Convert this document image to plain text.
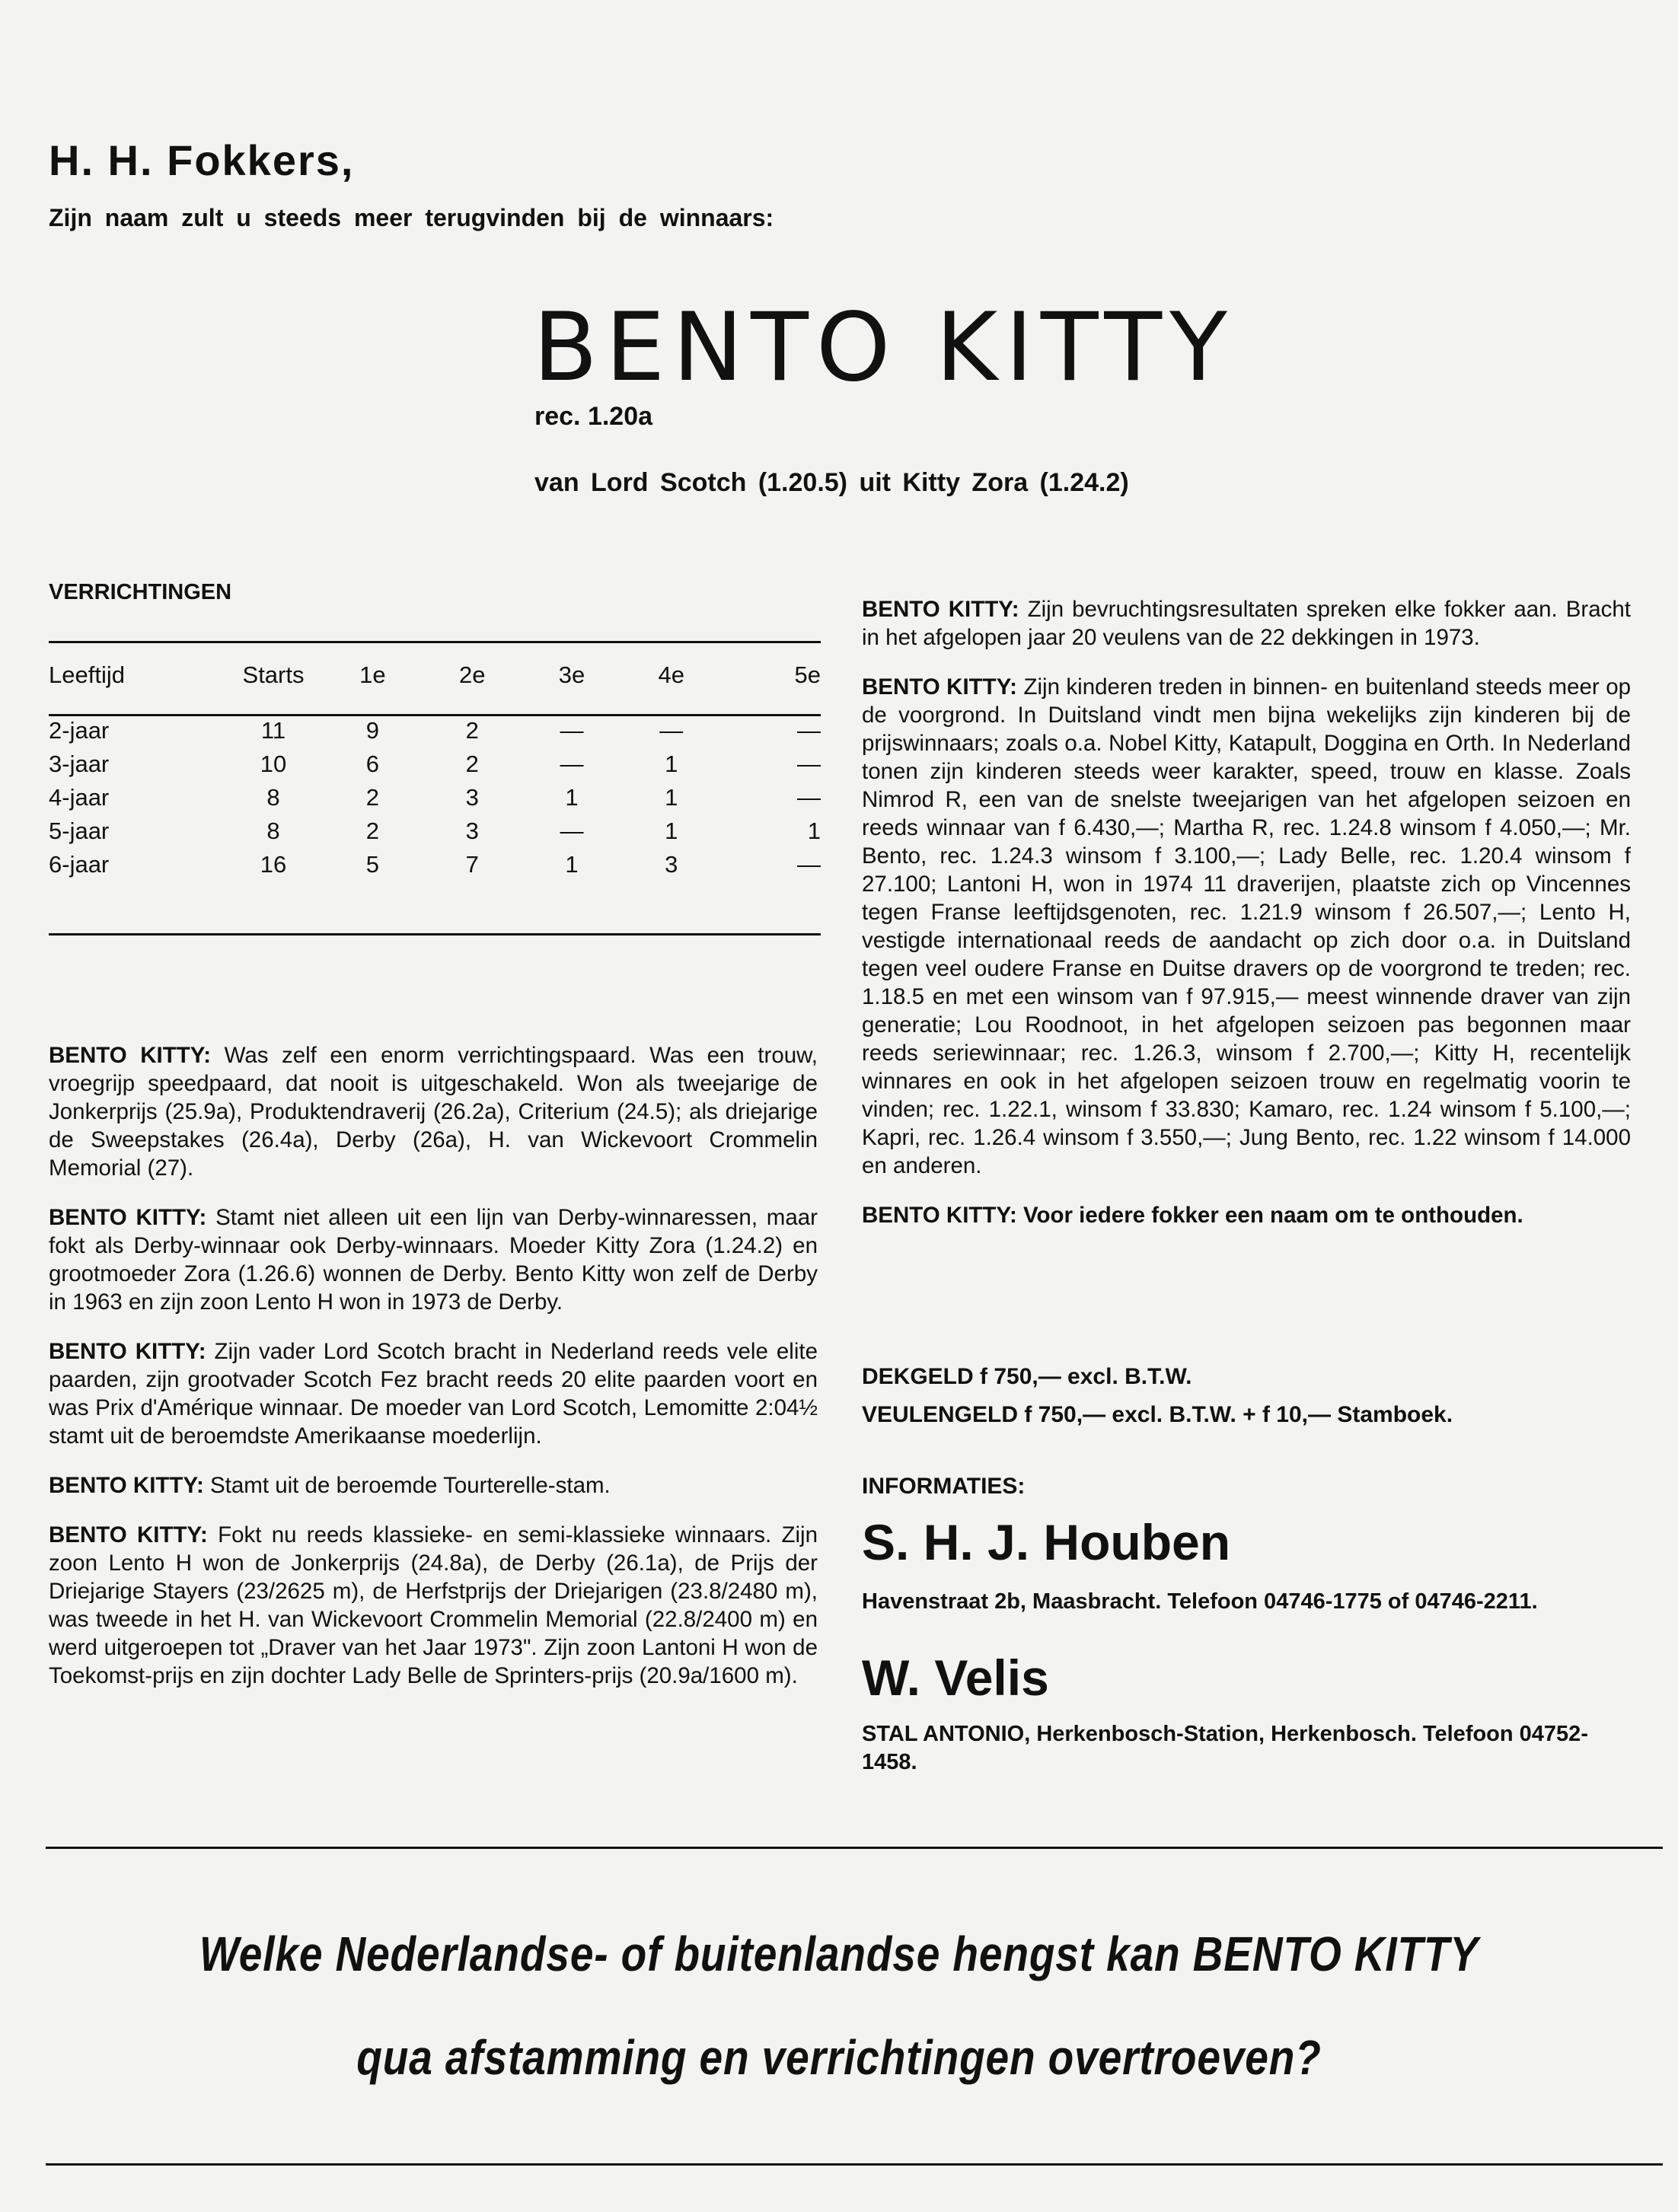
H. H. Fokkers,
Zijn naam zult u steeds meer terugvinden bij de winnaars:
BENTO KITTY
rec. 1.20a
van Lord Scotch (1.20.5) uit Kitty Zora (1.24.2)
VERRICHTINGEN
Leeftijd	Starts	1e	2e	3e	4e	5e
2-jaar	11	9	2	—	—	—
3-jaar	10	6	2	—	1	—
4-jaar	8	2	3	1	1	—
5-jaar	8	2	3	—	1	1
6-jaar	16	5	7	1	3	—

BENTO KITTY: Was zelf een enorm verrichtingspaard. Was een trouw, vroegrijp speedpaard, dat nooit is uitgeschakeld. Won als tweejarige de Jonkerprijs (25.9a), Produktendraverij (26.2a), Criterium (24.5); als driejarige de Sweepstakes (26.4a), Derby (26a), H. van Wickevoort Crommelin Memorial (27).

BENTO KITTY: Stamt niet alleen uit een lijn van Derby-winnaressen, maar fokt als Derby-winnaar ook Derby-winnaars. Moeder Kitty Zora (1.24.2) en grootmoeder Zora (1.26.6) wonnen de Derby. Bento Kitty won zelf de Derby in 1963 en zijn zoon Lento H won in 1973 de Derby.

BENTO KITTY: Zijn vader Lord Scotch bracht in Nederland reeds vele elite paarden, zijn grootvader Scotch Fez bracht reeds 20 elite paarden voort en was Prix d'Amérique winnaar. De moeder van Lord Scotch, Lemomitte 2:04½ stamt uit de beroemdste Amerikaanse moederlijn.

BENTO KITTY: Stamt uit de beroemde Tourterelle-stam.

BENTO KITTY: Fokt nu reeds klassieke- en semi-klassieke winnaars. Zijn zoon Lento H won de Jonkerprijs (24.8a), de Derby (26.1a), de Prijs der Driejarige Stayers (23/2625 m), de Herfstprijs der Driejarigen (23.8/2480 m), was tweede in het H. van Wickevoort Crommelin Memorial (22.8/2400 m) en werd uitgeroepen tot „Draver van het Jaar 1973". Zijn zoon Lantoni H won de Toekomst-prijs en zijn dochter Lady Belle de Sprinters-prijs (20.9a/1600 m).

BENTO KITTY: Zijn bevruchtingsresultaten spreken elke fokker aan. Bracht in het afgelopen jaar 20 veulens van de 22 dekkingen in 1973.

BENTO KITTY: Zijn kinderen treden in binnen- en buitenland steeds meer op de voorgrond. In Duitsland vindt men bijna wekelijks zijn kinderen bij de prijswinnaars; zoals o.a. Nobel Kitty, Katapult, Doggina en Orth. In Nederland tonen zijn kinderen steeds weer karakter, speed, trouw en klasse. Zoals Nimrod R, een van de snelste tweejarigen van het afgelopen seizoen en reeds winnaar van f 6.430,—; Martha R, rec. 1.24.8 winsom f 4.050,—; Mr. Bento, rec. 1.24.3 winsom f 3.100,—; Lady Belle, rec. 1.20.4 winsom f 27.100; Lantoni H, won in 1974 11 draverijen, plaatste zich op Vincennes tegen Franse leeftijdsgenoten, rec. 1.21.9 winsom f 26.507,—; Lento H, vestigde internationaal reeds de aandacht op zich door o.a. in Duitsland tegen veel oudere Franse en Duitse dravers op de voorgrond te treden; rec. 1.18.5 en met een winsom van f 97.915,— meest winnende draver van zijn generatie; Lou Roodnoot, in het afgelopen seizoen pas begonnen maar reeds seriewinnaar; rec. 1.26.3, winsom f 2.700,—; Kitty H, recentelijk winnares en ook in het afgelopen seizoen trouw en regelmatig voorin te vinden; rec. 1.22.1, winsom f 33.830; Kamaro, rec. 1.24 winsom f 5.100,—; Kapri, rec. 1.26.4 winsom f 3.550,—; Jung Bento, rec. 1.22 winsom f 14.000 en anderen.

BENTO KITTY: Voor iedere fokker een naam om te onthouden.

DEKGELD f 750,— excl. B.T.W.
VEULENGELD f 750,— excl. B.T.W. + f 10,— Stamboek.
INFORMATIES:
S. H. J. Houben
Havenstraat 2b, Maasbracht. Telefoon 04746-1775 of 04746-2211.
W. Velis
STAL ANTONIO, Herkenbosch-Station, Herkenbosch. Telefoon 04752-1458.
Welke Nederlandse- of buitenlandse hengst kan BENTO KITTY
qua afstamming en verrichtingen overtroeven?
